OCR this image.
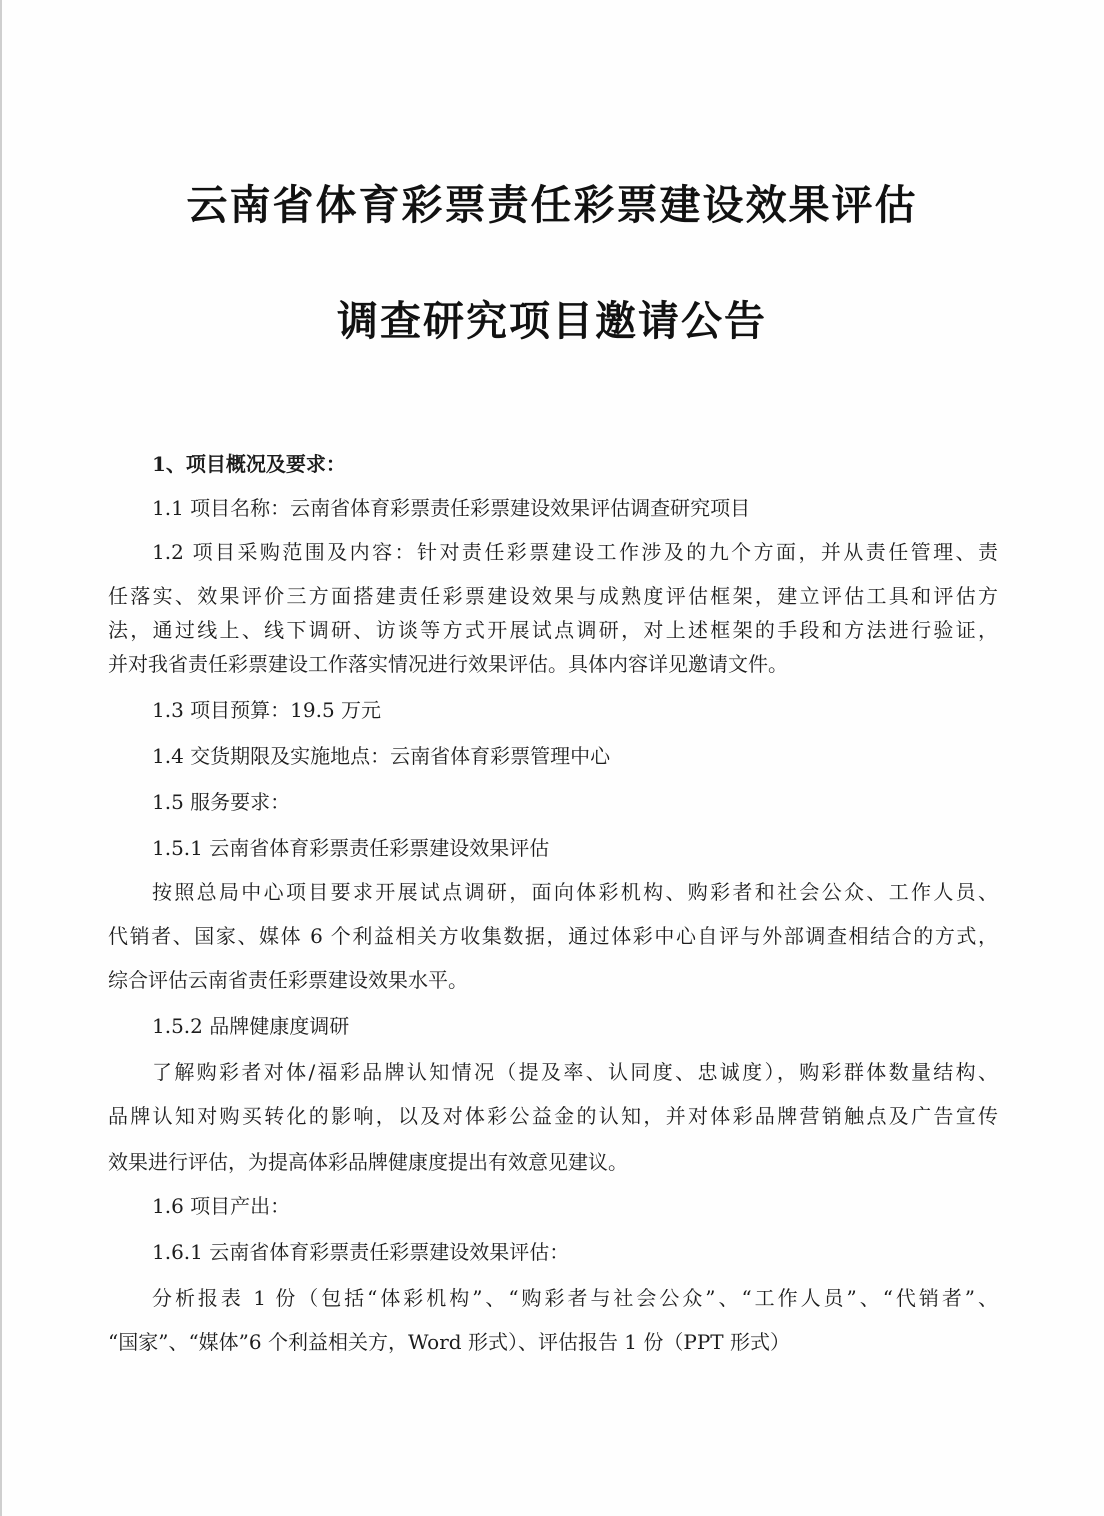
云南省体育彩票责任彩票建设效果评估
调查研究项目邀请公告
1、项目概况及要求：
1.1 项目名称：云南省体育彩票责任彩票建设效果评估调查研究项目
1.2 项目采购范围及内容：针对责任彩票建设工作涉及的九个方面，并从责任管理、责
任落实、效果评价三方面搭建责任彩票建设效果与成熟度评估框架，建立评估工具和评估方
法，通过线上、线下调研、访谈等方式开展试点调研，对上述框架的手段和方法进行验证，
并对我省责任彩票建设工作落实情况进行效果评估。具体内容详见邀请文件。
1.3 项目预算：19.5 万元
1.4 交货期限及实施地点：云南省体育彩票管理中心
1.5 服务要求：
1.5.1 云南省体育彩票责任彩票建设效果评估
按照总局中心项目要求开展试点调研，面向体彩机构、购彩者和社会公众、工作人员、
代销者、国家、媒体 6 个利益相关方收集数据，通过体彩中心自评与外部调查相结合的方式，
综合评估云南省责任彩票建设效果水平。
1.5.2 品牌健康度调研
了解购彩者对体/福彩品牌认知情况（提及率、认同度、忠诚度），购彩群体数量结构、
品牌认知对购买转化的影响，以及对体彩公益金的认知，并对体彩品牌营销触点及广告宣传
效果进行评估，为提高体彩品牌健康度提出有效意见建议。
1.6 项目产出：
1.6.1 云南省体育彩票责任彩票建设效果评估：
分析报表 1 份（包括“体彩机构”、“购彩者与社会公众”、“工作人员”、“代销者”、
“国家”、“媒体”6 个利益相关方，Word 形式）、评估报告 1 份（PPT 形式）
